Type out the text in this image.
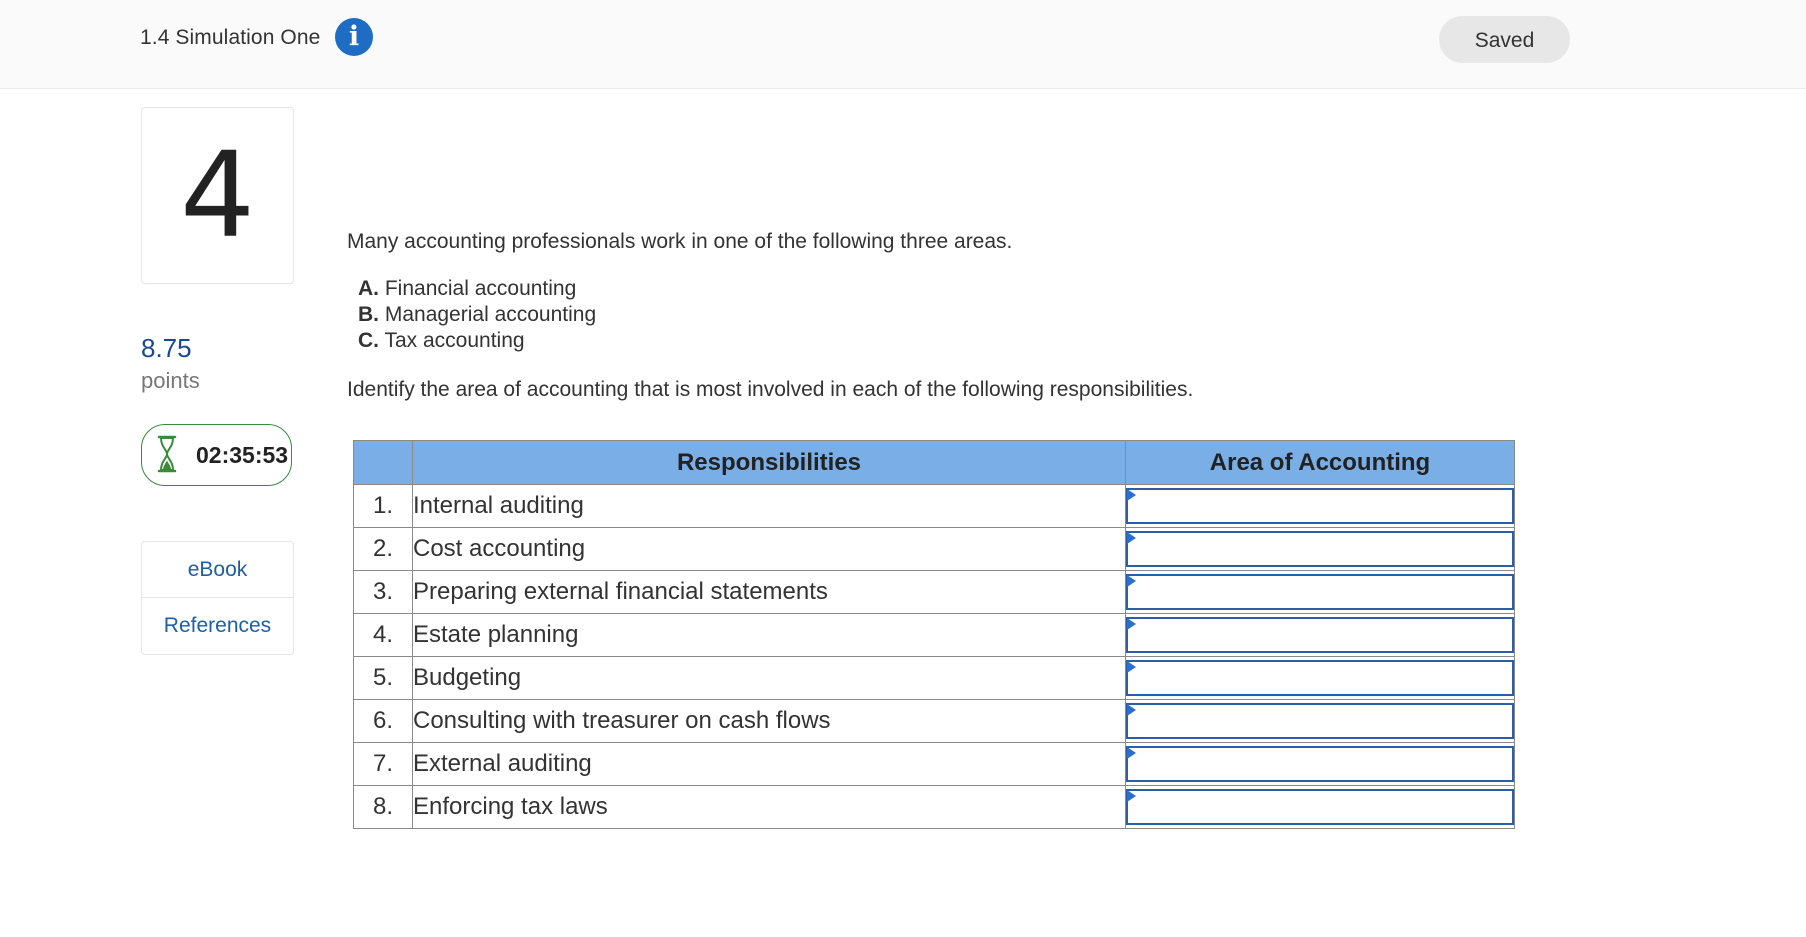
1.4 Simulation One	i	Saved
4
8.75
points
02:35:53
eBook
References
Many accounting professionals work in one of the following three areas.
A. Financial accounting
B. Managerial accounting
C. Tax accounting
Identify the area of accounting that is most involved in each of the following responsibilities.
	Responsibilities	Area of Accounting
1.	Internal auditing	

2.	Cost accounting	

3.	Preparing external financial statements	

4.	Estate planning	

5.	Budgeting	

6.	Consulting with treasurer on cash flows	

7.	External auditing	

8.	Enforcing tax laws	
